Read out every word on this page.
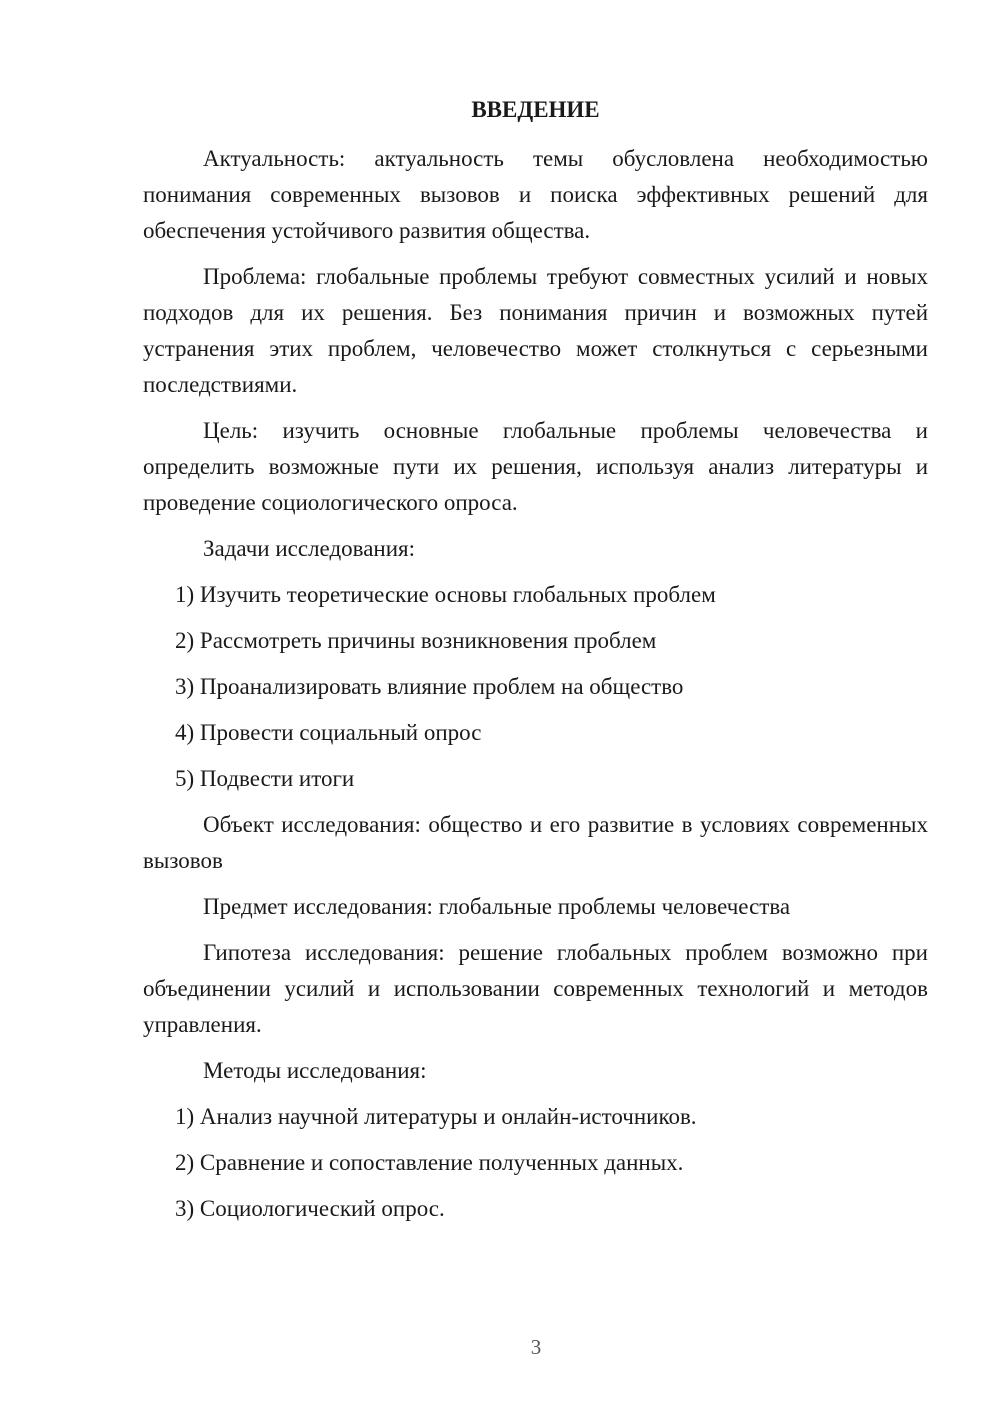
ВВЕДЕНИЕ

Актуальность: актуальность темы обусловлена необходимостью понимания современных вызовов и поиска эффективных решений для обеспечения устойчивого развития общества.

Проблема: глобальные проблемы требуют совместных усилий и новых подходов для их решения. Без понимания причин и возможных путей устранения этих проблем, человечество может столкнуться с серьезными последствиями.

Цель: изучить основные глобальные проблемы человечества и определить возможные пути их решения, используя анализ литературы и проведение социологического опроса.

Задачи исследования:

1) Изучить теоретические основы глобальных проблем
2) Рассмотреть причины возникновения проблем
3) Проанализировать влияние проблем на общество
4) Провести социальный опрос
5) Подвести итоги

Объект исследования: общество и его развитие в условиях современных вызовов

Предмет исследования: глобальные проблемы человечества

Гипотеза исследования: решение глобальных проблем возможно при объединении усилий и использовании современных технологий и методов управления.

Методы исследования:

1) Анализ научной литературы и онлайн-источников.
2) Сравнение и сопоставление полученных данных.
3) Социологический опрос.
3
